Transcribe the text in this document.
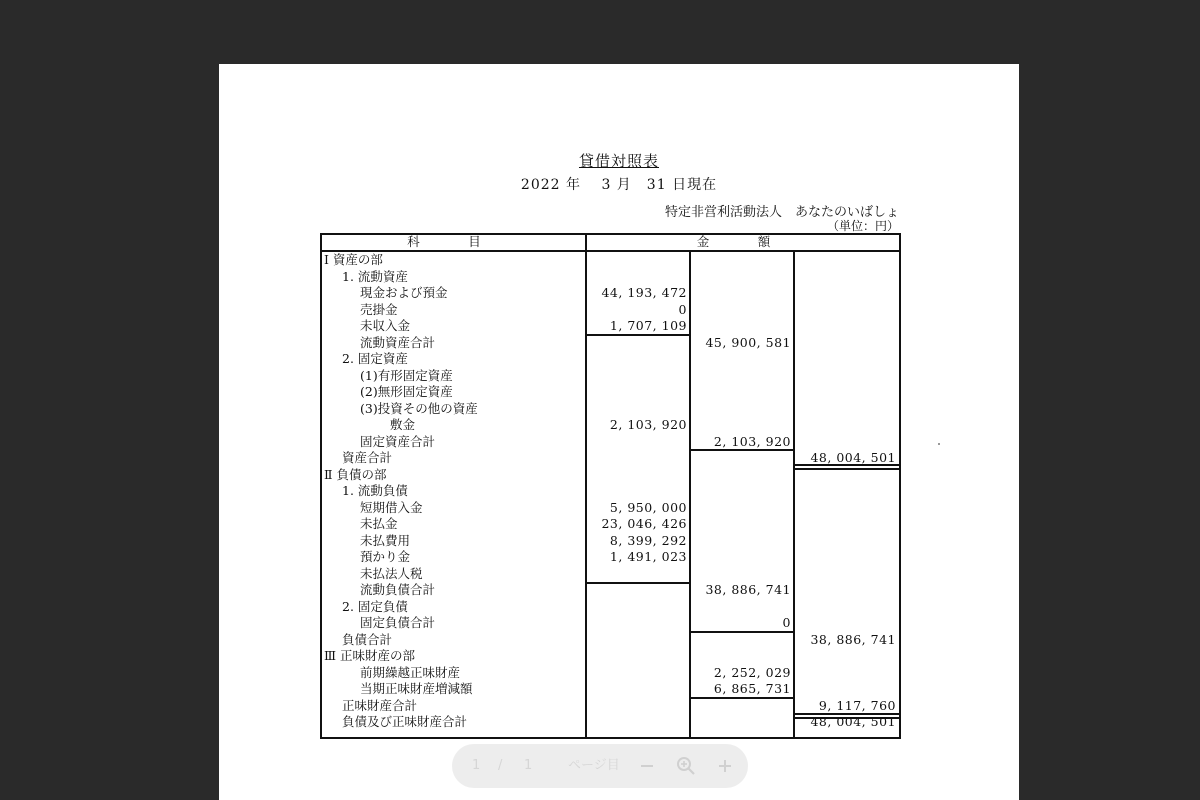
貸借対照表
2022 年　 3 月　31 日現在
特定非営利活動法人　あなたのいばしょ
（単位：円）
科　目	金　額
Ⅰ 資産の部
1. 流動資産
現金および預金	44, 193, 472
売掛金	0
未収入金	1, 707, 109
流動資産合計	45, 900, 581
2. 固定資産
(1)有形固定資産
(2)無形固定資産
(3)投資その他の資産
敷金	2, 103, 920
固定資産合計	2, 103, 920
資産合計	48, 004, 501
Ⅱ 負債の部
1. 流動負債
短期借入金	5, 950, 000
未払金	23, 046, 426
未払費用	8, 399, 292
預かり金	1, 491, 023
未払法人税
流動負債合計	38, 886, 741
2. 固定負債
固定負債合計	0
負債合計	38, 886, 741
Ⅲ 正味財産の部
前期繰越正味財産	2, 252, 029
当期正味財産増減額	6, 865, 731
正味財産合計	9, 117, 760
負債及び正味財産合計	48, 004, 501
1 / 1	ページ目
